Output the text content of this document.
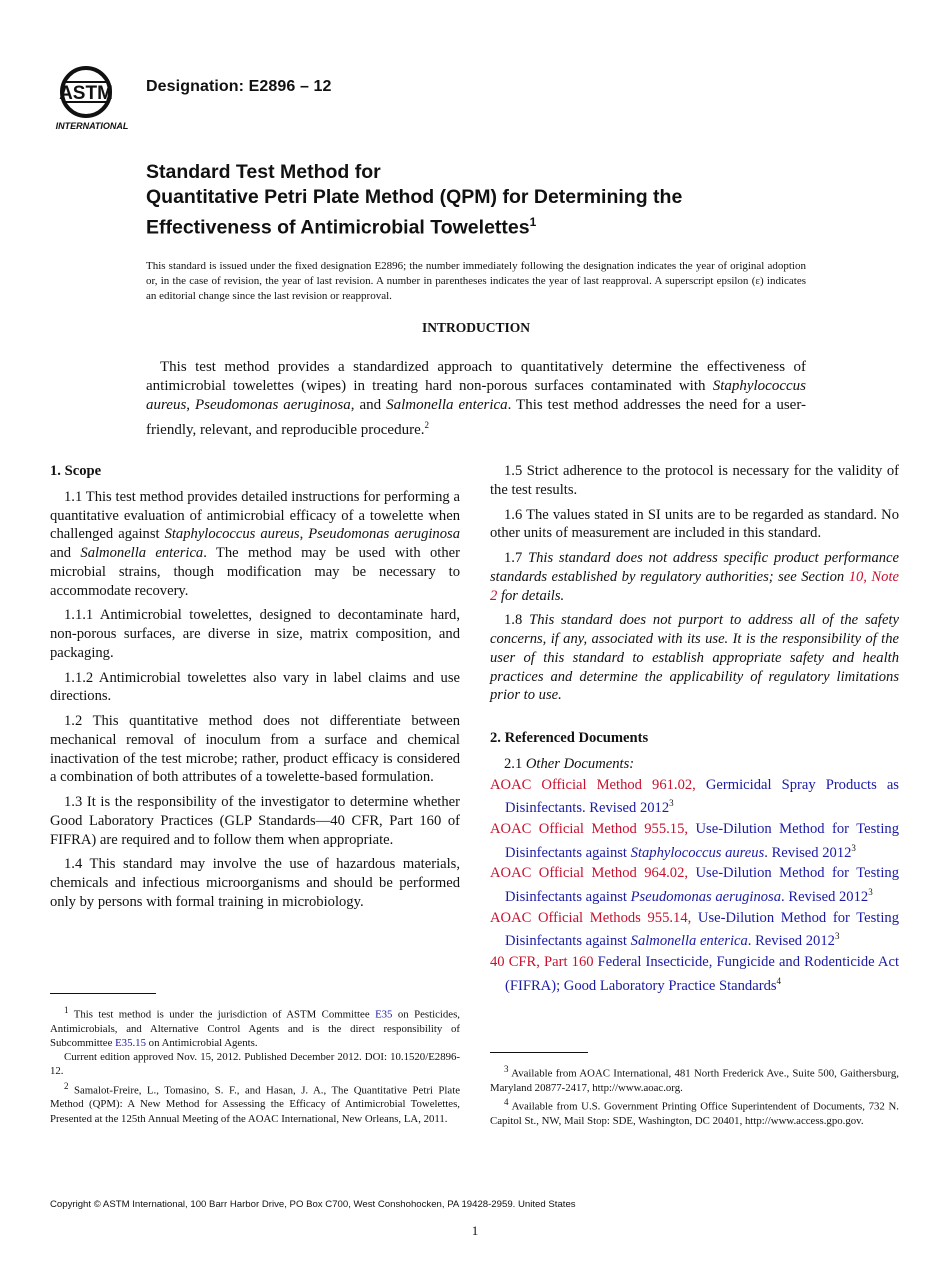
ASTM
INTERNATIONAL
Designation: E2896 – 12
Standard Test Method for
Quantitative Petri Plate Method (QPM) for Determining the
Effectiveness of Antimicrobial Towelettes$^1$
This standard is issued under the fixed designation E2896; the number immediately following the designation indicates the year of original adoption or, in the case of revision, the year of last revision. A number in parentheses indicates the year of last reapproval. A superscript epsilon (ε) indicates an editorial change since the last revision or reapproval.
INTRODUCTION

This test method provides a standardized approach to quantitatively determine the effectiveness of antimicrobial towelettes (wipes) in treating hard non-porous surfaces contaminated with Staphylococcus aureus, Pseudomonas aeruginosa, and Salmonella enterica. This test method addresses the need for a user-friendly, relevant, and reproducible procedure.$^2$

1. Scope

1.1 This test method provides detailed instructions for performing a quantitative evaluation of antimicrobial efficacy of a towelette when challenged against Staphylococcus aureus, Pseudomonas aeruginosa and Salmonella enterica. The method may be used with other microbial strains, though modification may be necessary to accommodate recovery.

1.1.1 Antimicrobial towelettes, designed to decontaminate hard, non-porous surfaces, are diverse in size, matrix composition, and packaging.

1.1.2 Antimicrobial towelettes also vary in label claims and use directions.

1.2 This quantitative method does not differentiate between mechanical removal of inoculum from a surface and chemical inactivation of the test microbe; rather, product efficacy is considered a combination of both attributes of a towelette-based formulation.

1.3 It is the responsibility of the investigator to determine whether Good Laboratory Practices (GLP Standards—40 CFR, Part 160 of FIFRA) are required and to follow them when appropriate.

1.4 This standard may involve the use of hazardous materials, chemicals and infectious microorganisms and should be performed only by persons with formal training in microbiology.

1.5 Strict adherence to the protocol is necessary for the validity of the test results.

1.6 The values stated in SI units are to be regarded as standard. No other units of measurement are included in this standard.

1.7 This standard does not address specific product performance standards established by regulatory authorities; see Section 10, Note 2 for details.

1.8 This standard does not purport to address all of the safety concerns, if any, associated with its use. It is the responsibility of the user of this standard to establish appropriate safety and health practices and determine the applicability of regulatory limitations prior to use.

2. Referenced Documents

2.1 Other Documents:

AOAC Official Method 961.02, Germicidal Spray Products as Disinfectants. Revised 2012$^3$
AOAC Official Method 955.15, Use-Dilution Method for Testing Disinfectants against Staphylococcus aureus. Revised 2012$^3$
AOAC Official Method 964.02, Use-Dilution Method for Testing Disinfectants against Pseudomonas aeruginosa. Revised 2012$^3$
AOAC Official Methods 955.14, Use-Dilution Method for Testing Disinfectants against Salmonella enterica. Revised 2012$^3$
40 CFR, Part 160 Federal Insecticide, Fungicide and Rodenticide Act (FIFRA); Good Laboratory Practice Standards$^4$

$^1$ This test method is under the jurisdiction of ASTM Committee E35 on Pesticides, Antimicrobials, and Alternative Control Agents and is the direct responsibility of Subcommittee E35.15 on Antimicrobial Agents.

Current edition approved Nov. 15, 2012. Published December 2012. DOI: 10.1520/E2896-12.

$^2$ Samalot-Freire, L., Tomasino, S. F., and Hasan, J. A., The Quantitative Petri Plate Method (QPM): A New Method for Assessing the Efficacy of Antimicrobial Towelettes, Presented at the 125th Annual Meeting of the AOAC International, New Orleans, LA, 2011.

$^3$ Available from AOAC International, 481 North Frederick Ave., Suite 500, Gaithersburg, Maryland 20877-2417, http://www.aoac.org.

$^4$ Available from U.S. Government Printing Office Superintendent of Documents, 732 N. Capitol St., NW, Mail Stop: SDE, Washington, DC 20401, http://www.access.gpo.gov.

Copyright © ASTM International, 100 Barr Harbor Drive, PO Box C700, West Conshohocken, PA 19428-2959. United States
1
